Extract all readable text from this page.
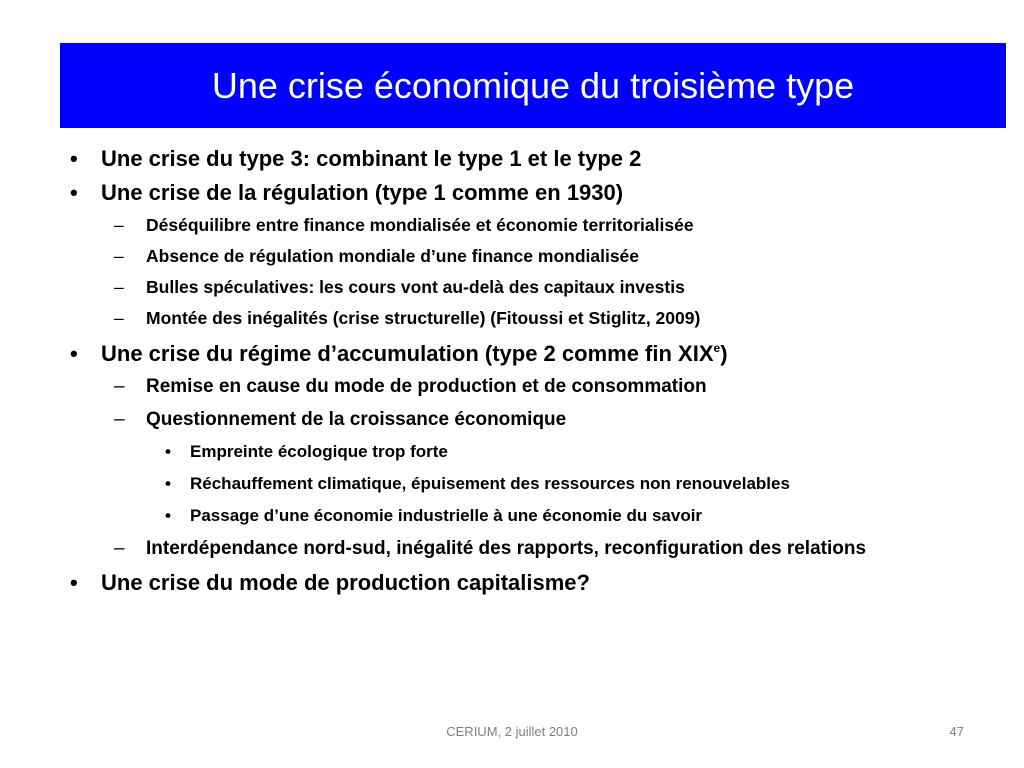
Une crise économique du troisième type
• Une crise du type 3: combinant le type 1 et le type 2
• Une crise de la régulation (type 1 comme en 1930)
– Déséquilibre entre finance mondialisée et économie territorialisée
– Absence de régulation mondiale d’une finance mondialisée
– Bulles spéculatives: les cours vont au-delà des capitaux investis
– Montée des inégalités (crise structurelle) (Fitoussi et Stiglitz, 2009)
• Une crise du régime d’accumulation (type 2 comme fin XIXe)
– Remise en cause du mode de production et de consommation
– Questionnement de la croissance économique
• Empreinte écologique trop forte
• Réchauffement climatique, épuisement des ressources non renouvelables
• Passage d’une économie industrielle à une économie du savoir
– Interdépendance nord-sud, inégalité des rapports, reconfiguration des relations
• Une crise du mode de production capitalisme?
CERIUM, 2 juillet 2010	47
